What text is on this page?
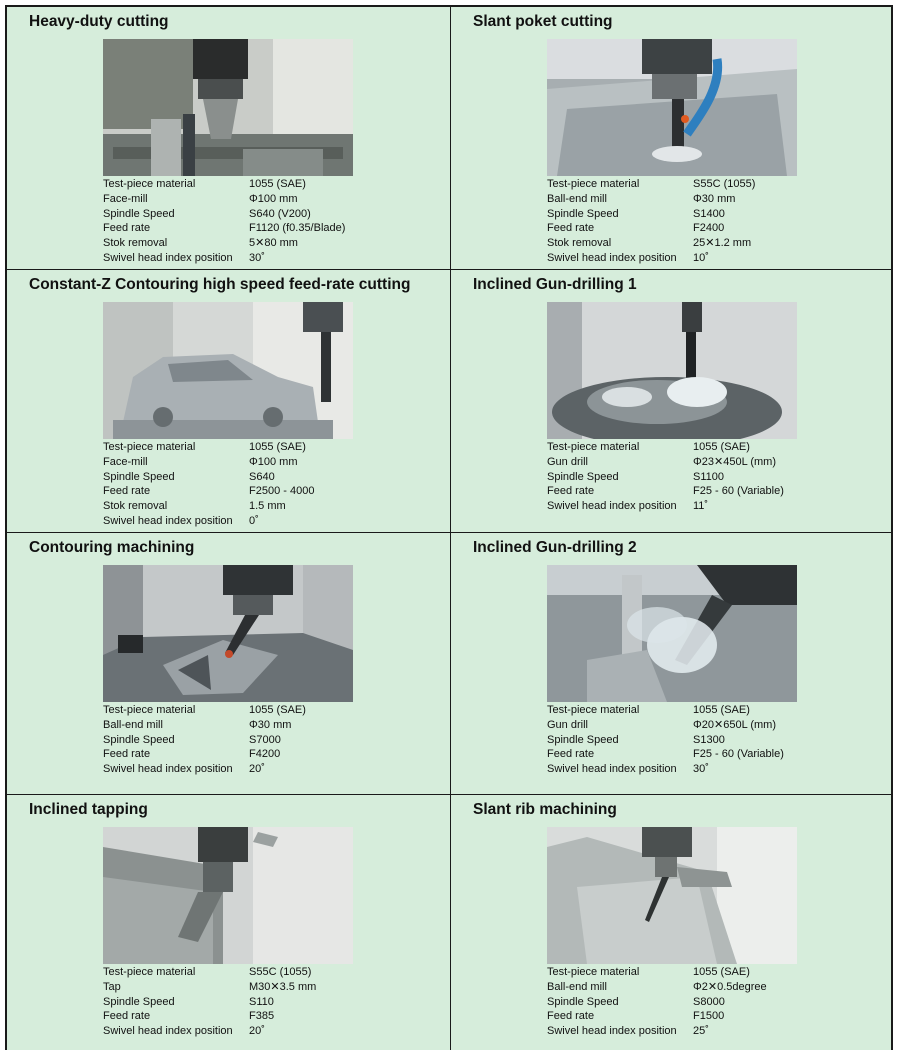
Heavy-duty cutting
Test-piece material	1055 (SAE)
Face-mill	Φ100 mm
Spindle Speed	S640 (V200)
Feed rate	F1120 (f0.35/Blade)
Stok removal	5✕80 mm
Swivel head index position	30˚
Slant poket cutting
Test-piece material	S55C (1055)
Ball-end mill	Φ30 mm
Spindle Speed	S1400
Feed rate	F2400
Stok removal	25✕1.2 mm
Swivel head index position	10˚
Constant-Z Contouring high speed feed-rate cutting
Test-piece material	1055 (SAE)
Face-mill	Φ100 mm
Spindle Speed	S640
Feed rate	F2500 - 4000
Stok removal	1.5 mm
Swivel head index position	0˚
Inclined Gun-drilling 1
Test-piece material	1055 (SAE)
Gun drill	Φ23✕450L (mm)
Spindle Speed	S1100
Feed rate	F25 - 60 (Variable)
Swivel head index position	11˚
Contouring machining
Test-piece material	1055 (SAE)
Ball-end mill	Φ30 mm
Spindle Speed	S7000
Feed rate	F4200
Swivel head index position	20˚
Inclined Gun-drilling 2
Test-piece material	1055 (SAE)
Gun drill	Φ20✕650L (mm)
Spindle Speed	S1300
Feed rate	F25 - 60 (Variable)
Swivel head index position	30˚
Inclined tapping
Test-piece material	S55C (1055)
Tap	M30✕3.5 mm
Spindle Speed	S110
Feed rate	F385
Swivel head index position	20˚
Slant rib machining
Test-piece material	1055 (SAE)
Ball-end mill	Φ2✕0.5degree
Spindle Speed	S8000
Feed rate	F1500
Swivel head index position	25˚
